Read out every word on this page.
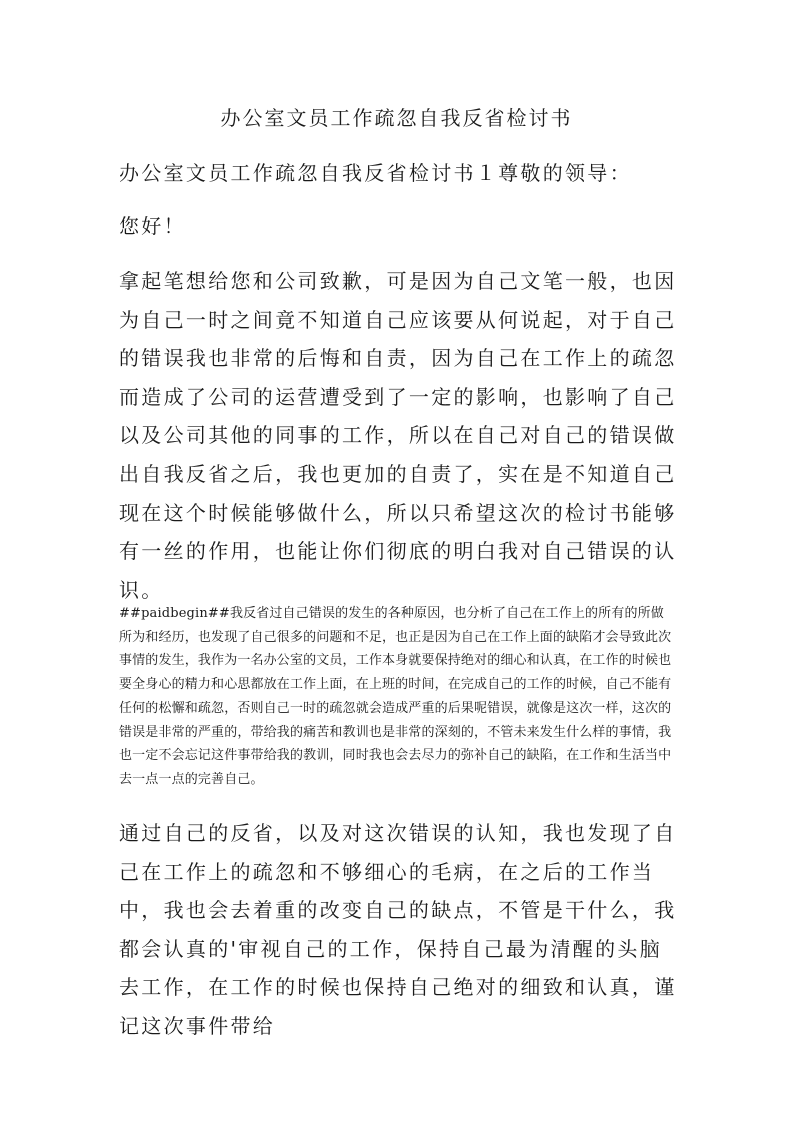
办公室文员工作疏忽自我反省检讨书

办公室文员工作疏忽自我反省检讨书１尊敬的领导：

您好！

拿起笔想给您和公司致歉，可是因为自己文笔一般，也因为自己一时之间竟不知道自己应该要从何说起，对于自己的错误我也非常的后悔和自责，因为自己在工作上的疏忽而造成了公司的运营遭受到了一定的影响，也影响了自己以及公司其他的同事的工作，所以在自己对自己的错误做出自我反省之后，我也更加的自责了，实在是不知道自己现在这个时候能够做什么，所以只希望这次的检讨书能够有一丝的作用，也能让你们彻底的明白我对自己错误的认识。

##paidbegin##我反省过自己错误的发生的各种原因，也分析了自己在工作上的所有的所做所为和经历，也发现了自己很多的问题和不足，也正是因为自己在工作上面的缺陷才会导致此次事情的发生，我作为一名办公室的文员，工作本身就要保持绝对的细心和认真，在工作的时候也要全身心的精力和心思都放在工作上面，在上班的时间，在完成自己的工作的时候，自己不能有任何的松懈和疏忽，否则自己一时的疏忽就会造成严重的后果呢错误，就像是这次一样，这次的错误是非常的严重的，带给我的痛苦和教训也是非常的深刻的，不管未来发生什么样的事情，我也一定不会忘记这件事带给我的教训，同时我也会去尽力的弥补自己的缺陷，在工作和生活当中去一点一点的完善自己。

通过自己的反省，以及对这次错误的认知，我也发现了自己在工作上的疏忽和不够细心的毛病，在之后的工作当中，我也会去着重的改变自己的缺点，不管是干什么，我都会认真的'审视自己的工作，保持自己最为清醒的头脑去工作，在工作的时候也保持自己绝对的细致和认真，谨记这次事件带给
